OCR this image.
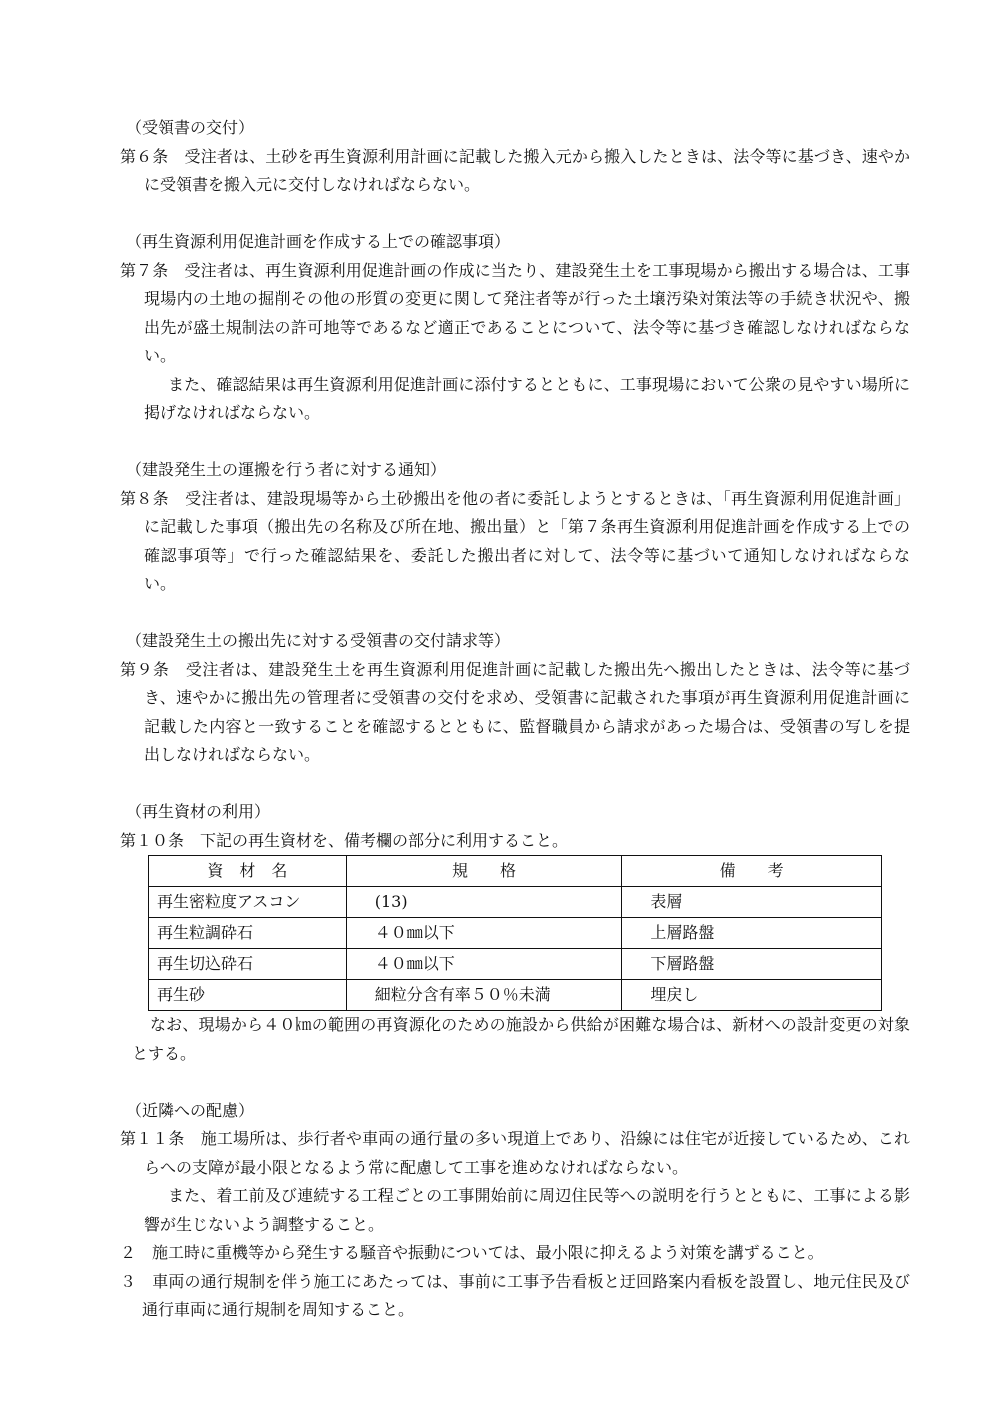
（受領書の交付）
第６条　受注者は、土砂を再生資源利用計画に記載した搬入元から搬入したときは、法令等に基づき、速やかに受領書を搬入元に交付しなければならない。
（再生資源利用促進計画を作成する上での確認事項）
第７条　受注者は、再生資源利用促進計画の作成に当たり、建設発生土を工事現場から搬出する場合は、工事現場内の土地の掘削その他の形質の変更に関して発注者等が行った土壌汚染対策法等の手続き状況や、搬出先が盛土規制法の許可地等であるなど適正であることについて、法令等に基づき確認しなければならない。
また、確認結果は再生資源利用促進計画に添付するとともに、工事現場において公衆の見やすい場所に掲げなければならない。
（建設発生土の運搬を行う者に対する通知）
第８条　受注者は、建設現場等から土砂搬出を他の者に委託しようとするときは、「再生資源利用促進計画」に記載した事項（搬出先の名称及び所在地、搬出量）と「第７条再生資源利用促進計画を作成する上での確認事項等」で行った確認結果を、委託した搬出者に対して、法令等に基づいて通知しなければならない。
（建設発生土の搬出先に対する受領書の交付請求等）
第９条　受注者は、建設発生土を再生資源利用促進計画に記載した搬出先へ搬出したときは、法令等に基づき、速やかに搬出先の管理者に受領書の交付を求め、受領書に記載された事項が再生資源利用促進計画に記載した内容と一致することを確認するとともに、監督職員から請求があった場合は、受領書の写しを提出しなければならない。
（再生資材の利用）
第１０条　下記の再生資材を、備考欄の部分に利用すること。
資　材　名	規　　格	備　　考
再生密粒度アスコン	(13)	表層
再生粒調砕石	４０㎜以下	上層路盤
再生切込砕石	４０㎜以下	下層路盤
再生砂	細粒分含有率５０％未満	埋戻し
なお、現場から４０㎞の範囲の再資源化のための施設から供給が困難な場合は、新材への設計変更の対象とする。
（近隣への配慮）
第１１条　施工場所は、歩行者や車両の通行量の多い現道上であり、沿線には住宅が近接しているため、これらへの支障が最小限となるよう常に配慮して工事を進めなければならない。
また、着工前及び連続する工程ごとの工事開始前に周辺住民等への説明を行うとともに、工事による影響が生じないよう調整すること。
２　施工時に重機等から発生する騒音や振動については、最小限に抑えるよう対策を講ずること。
３　車両の通行規制を伴う施工にあたっては、事前に工事予告看板と迂回路案内看板を設置し、地元住民及び通行車両に通行規制を周知すること。
